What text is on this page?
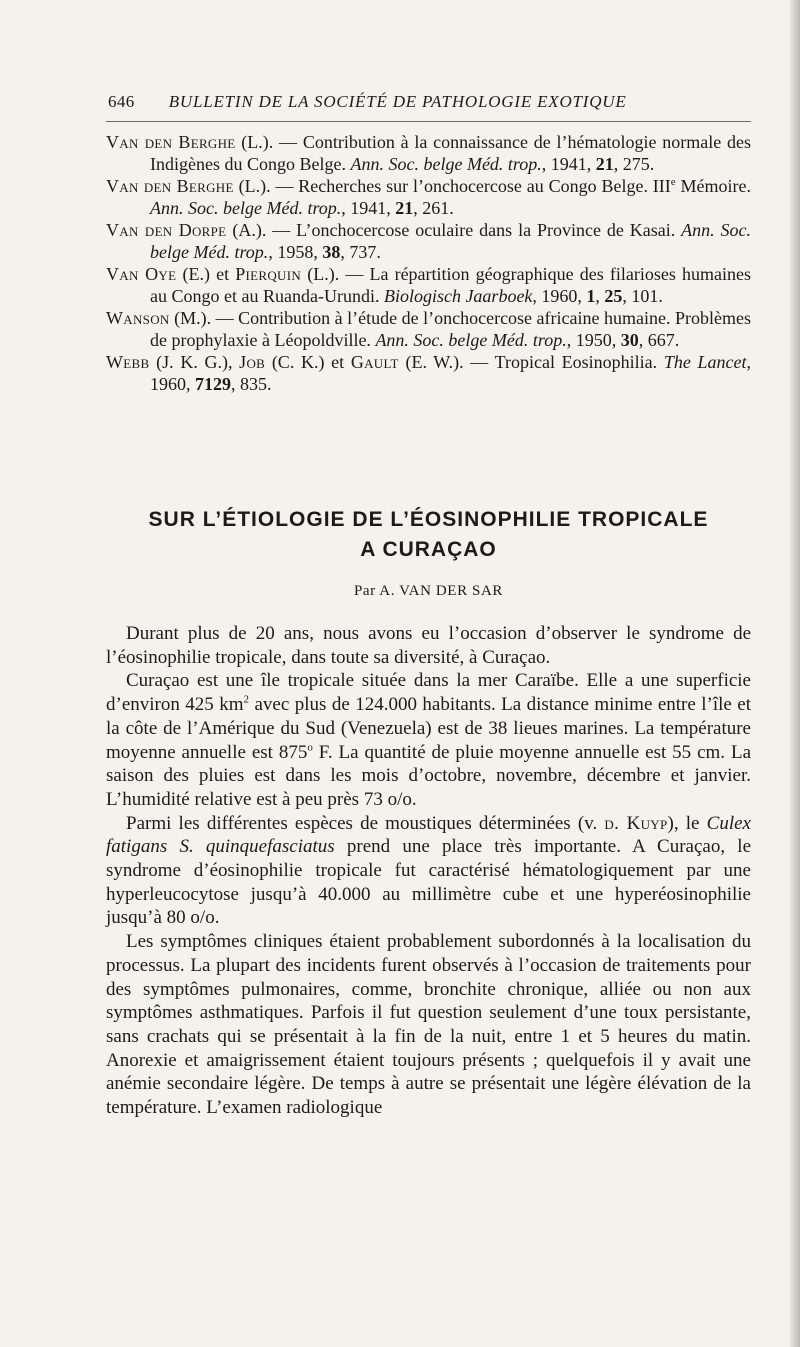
646 BULLETIN DE LA SOCIÉTÉ DE PATHOLOGIE EXOTIQUE
Van den Berghe (L.). — Contribution à la connaissance de l’hématologie normale des Indigènes du Congo Belge. Ann. Soc. belge Méd. trop., 1941, 21, 275.
Van den Berghe (L.). — Recherches sur l’onchocercose au Congo Belge. IIIe Mémoire. Ann. Soc. belge Méd. trop., 1941, 21, 261.
Van den Dorpe (A.). — L’onchocercose oculaire dans la Province de Kasai. Ann. Soc. belge Méd. trop., 1958, 38, 737.
Van Oye (E.) et Pierquin (L.). — La répartition géographique des filarioses humaines au Congo et au Ruanda-Urundi. Biologisch Jaarboek, 1960, 1, 25, 101.
Wanson (M.). — Contribution à l’étude de l’onchocercose africaine humaine. Problèmes de prophylaxie à Léopoldville. Ann. Soc. belge Méd. trop., 1950, 30, 667.
Webb (J. K. G.), Job (C. K.) et Gault (E. W.). — Tropical Eosinophilia. The Lancet, 1960, 7129, 835.
SUR L’ÉTIOLOGIE DE L’ÉOSINOPHILIE TROPICALE
A CURAÇAO
Par A. VAN DER SAR

Durant plus de 20 ans, nous avons eu l’occasion d’observer le syndrome de l’éosinophilie tropicale, dans toute sa diversité, à Curaçao.

Curaçao est une île tropicale située dans la mer Caraïbe. Elle a une superficie d’environ 425 $km^2$ avec plus de 124.000 habitants. La distance minime entre l’île et la côte de l’Amérique du Sud (Venezuela) est de 38 lieues marines. La température moyenne annuelle est 875$^o$ F. La quantité de pluie moyenne annuelle est 55 cm. La saison des pluies est dans les mois d’octobre, novembre, décembre et janvier. L’humidité relative est à peu près 73 o/o.

Parmi les différentes espèces de moustiques déterminées (v. d. Kuyp), le Culex fatigans S. quinquefasciatus prend une place très importante. A Curaçao, le syndrome d’éosinophilie tropicale fut caractérisé hématologiquement par une hyperleucocytose jusqu’à 40.000 au millimètre cube et une hyperéosinophilie jusqu’à 80 o/o.

Les symptômes cliniques étaient probablement subordonnés à la localisation du processus. La plupart des incidents furent observés à l’occasion de traitements pour des symptômes pulmonaires, comme, bronchite chronique, alliée ou non aux symptômes asthmatiques. Parfois il fut question seulement d’une toux persistante, sans crachats qui se présentait à la fin de la nuit, entre 1 et 5 heures du matin. Anorexie et amaigrissement étaient toujours présents ; quelquefois il y avait une anémie secondaire légère. De temps à autre se présentait une légère élévation de la température. L’examen radiologique
